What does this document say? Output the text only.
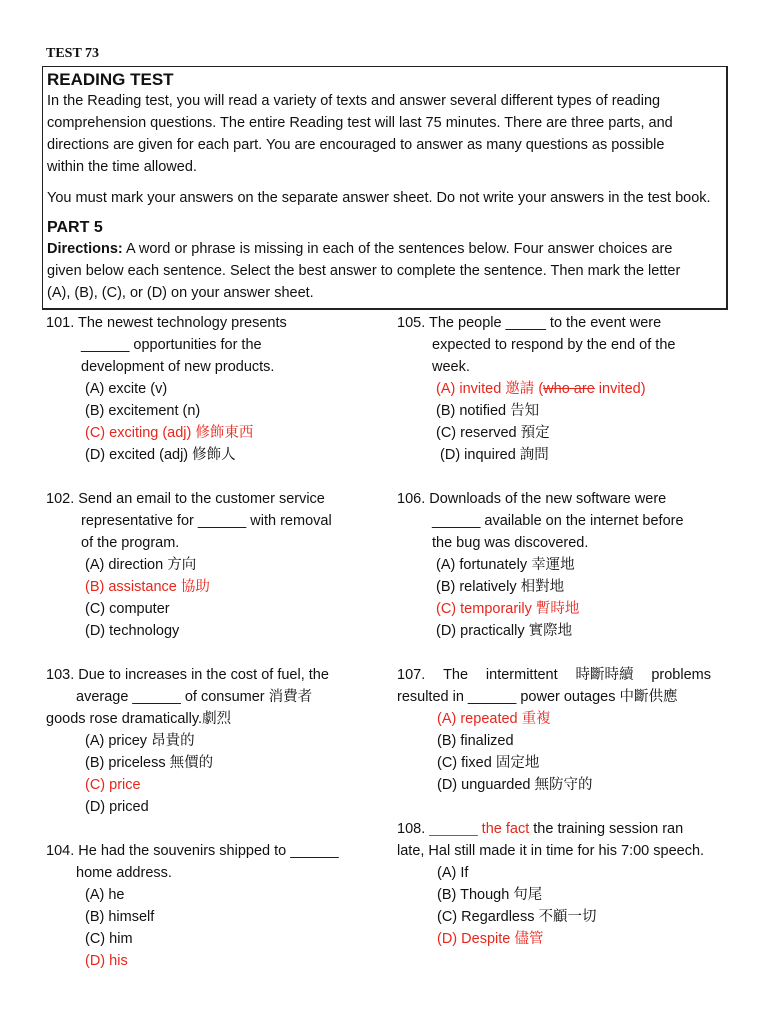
TEST 73
READING TEST

In the Reading test, you will read a variety of texts and answer several different types of reading

comprehension questions. The entire Reading test will last 75 minutes. There are three parts, and

directions are given for each part. You are encouraged to answer as many questions as possible

within the time allowed.

You must mark your answers on the separate answer sheet. Do not write your answers in the test book.

PART 5

Directions: A word or phrase is missing in each of the sentences below. Four answer choices are

given below each sentence. Select the best answer to complete the sentence. Then mark the letter

(A), (B), (C), or (D) on your answer sheet.

101. The newest technology presents
______ opportunities for the
development of new products.
(A) excite (v)
(B) excitement (n)
(C) exciting (adj) 修飾東西
(D) excited (adj) 修飾人
102. Send an email to the customer service
representative for ______ with removal
of the program.
(A) direction 方向
(B) assistance 協助
(C) computer
(D) technology
103. Due to increases in the cost of fuel, the
average ______ of consumer 消費者
goods rose dramatically.劇烈
(A) pricey 昂貴的
(B) priceless 無價的
(C) price
(D) priced
104. He had the souvenirs shipped to ______
home address.
(A) he
(B) himself
(C) him
(D) his
105. The people _____ to the event were
expected to respond by the end of the
week.
(A) invited 邀請 (who are invited)
(B) notified 告知
(C) reserved 預定
(D) inquired 詢問
106. Downloads of the new software were
______ available on the internet before
the bug was discovered.
(A) fortunately 幸運地
(B) relatively 相對地
(C) temporarily 暫時地
(D) practically 實際地
107. The intermittent 時斷時續 problems
resulted in ______ power outages 中斷供應
(A) repeated 重複
(B) finalized
(C) fixed 固定地
(D) unguarded 無防守的
108. ______ the fact the training session ran
late, Hal still made it in time for his 7:00 speech.
(A) If
(B) Though 句尾
(C) Regardless 不顧一切
(D) Despite 儘管
